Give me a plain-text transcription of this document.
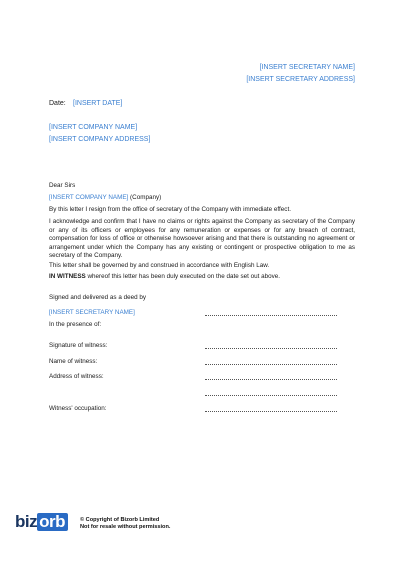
[INSERT SECRETARY NAME]
[INSERT SECRETARY ADDRESS]
Date: [INSERT DATE]
[INSERT COMPANY NAME]
[INSERT COMPANY ADDRESS]
Dear Sirs
[INSERT COMPANY NAME] (Company)
By this letter I resign from the office of secretary of the Company with immediate effect.
I acknowledge and confirm that I have no claims or rights against the Company as secretary of the Company or any of its officers or employees for any remuneration or expenses or for any breach of contract, compensation for loss of office or otherwise howsoever arising and that there is outstanding no agreement or arrangement under which the Company has any existing or contingent or prospective obligation to me as secretary of the Company.
This letter shall be governed by and construed in accordance with English Law.
IN WITNESS whereof this letter has been duly executed on the date set out above.
Signed and delivered as a deed by
[INSERT SECRETARY NAME]
In the presence of:
Signature of witness:
Name of witness:
Address of witness:
Witness' occupation:
biz orb	© Copyright of Bizorb Limited
Not for resale without permission.
